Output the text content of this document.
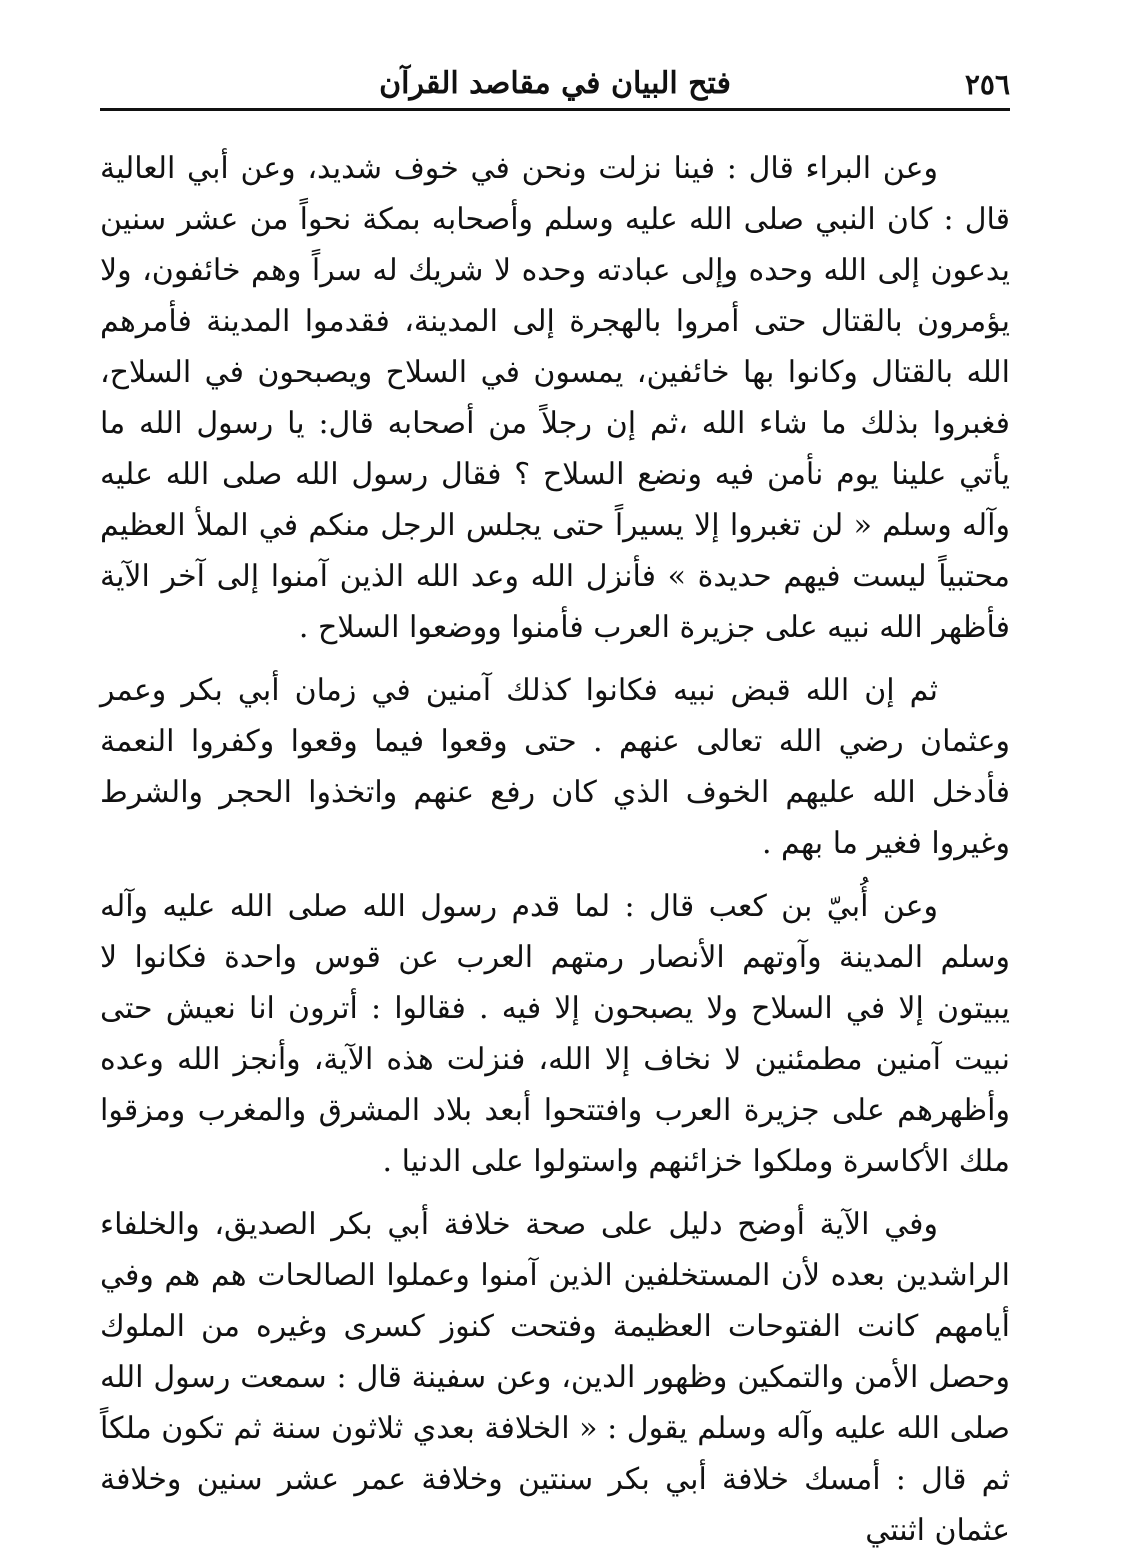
٢٥٦
فتح البيان في مقاصد القرآن

وعن البراء قال : فينا نزلت ونحن في خوف شديد، وعن أبي العالية قال : كان النبي صلى الله عليه وسلم وأصحابه بمكة نحواً من عشر سنين يدعون إلى الله وحده وإلى عبادته وحده لا شريك له سراً وهم خائفون، ولا يؤمرون بالقتال حتى أمروا بالهجرة إلى المدينة، فقدموا المدينة فأمرهم الله بالقتال وكانوا بها خائفين، يمسون في السلاح ويصبحون في السلاح، فغبروا بذلك ما شاء الله ،ثم إن رجلاً من أصحابه قال: يا رسول الله ما يأتي علينا يوم نأمن فيه ونضع السلاح ؟ فقال رسول الله صلى الله عليه وآله وسلم « لن تغبروا إلا يسيراً حتى يجلس الرجل منكم في الملأ العظيم محتبياً ليست فيهم حديدة » فأنزل الله وعد الله الذين آمنوا إلى آخر الآية فأظهر الله نبيه على جزيرة العرب فأمنوا ووضعوا السلاح .

ثم إن الله قبض نبيه فكانوا كذلك آمنين في زمان أبي بكر وعمر وعثمان رضي الله تعالى عنهم . حتى وقعوا فيما وقعوا وكفروا النعمة فأدخل الله عليهم الخوف الذي كان رفع عنهم واتخذوا الحجر والشرط وغيروا فغير ما بهم .

وعن أُبيّ بن كعب قال : لما قدم رسول الله صلى الله عليه وآله وسلم المدينة وآوتهم الأنصار رمتهم العرب عن قوس واحدة فكانوا لا يبيتون إلا في السلاح ولا يصبحون إلا فيه . فقالوا : أترون انا نعيش حتى نبيت آمنين مطمئنين لا نخاف إلا الله، فنزلت هذه الآية، وأنجز الله وعده وأظهرهم على جزيرة العرب وافتتحوا أبعد بلاد المشرق والمغرب ومزقوا ملك الأكاسرة وملكوا خزائنهم واستولوا على الدنيا .

وفي الآية أوضح دليل على صحة خلافة أبي بكر الصديق، والخلفاء الراشدين بعده لأن المستخلفين الذين آمنوا وعملوا الصالحات هم هم وفي أيامهم كانت الفتوحات العظيمة وفتحت كنوز كسرى وغيره من الملوك وحصل الأمن والتمكين وظهور الدين، وعن سفينة قال : سمعت رسول الله صلى الله عليه وآله وسلم يقول : « الخلافة بعدي ثلاثون سنة ثم تكون ملكاً ثم قال : أمسك خلافة أبي بكر سنتين وخلافة عمر عشر سنين وخلافة عثمان اثنتي
